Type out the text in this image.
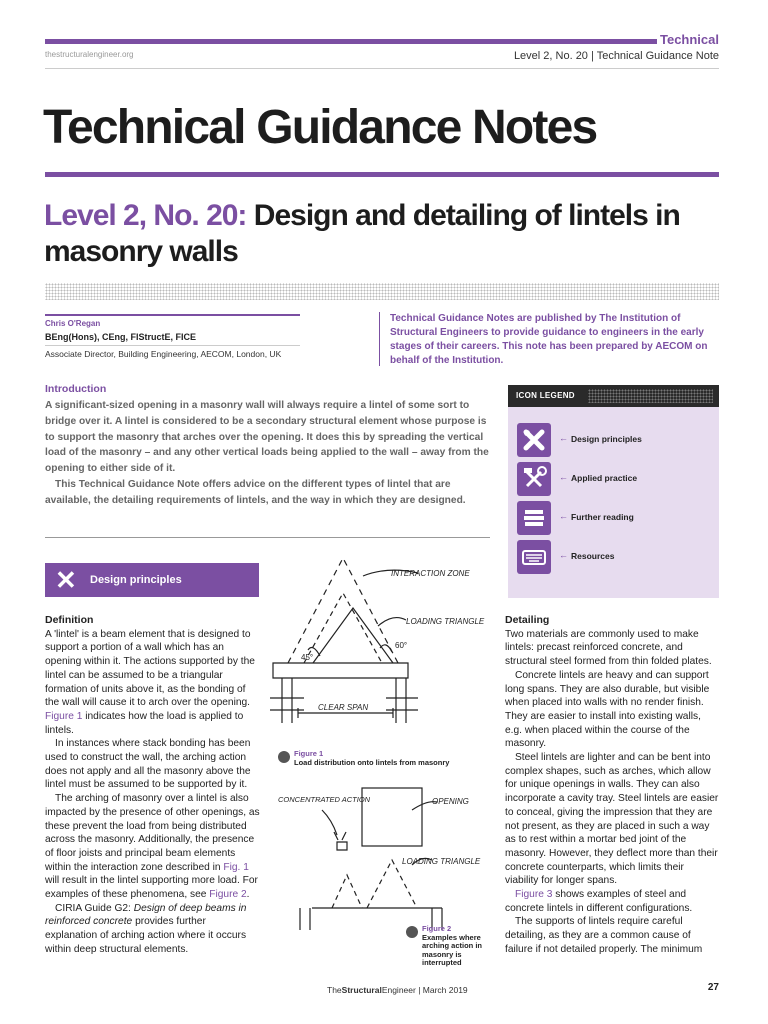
Technical
thestructuralengineer.org	Level 2, No. 20 | Technical Guidance Note
Technical Guidance Notes
Level 2, No. 20: Design and detailing of lintels in masonry walls
Chris O'Regan
BEng(Hons), CEng, FIStructE, FICE
Associate Director, Building Engineering, AECOM, London, UK
Technical Guidance Notes are published by The Institution of Structural Engineers to provide guidance to engineers in the early stages of their careers. This note has been prepared by AECOM on behalf of the Institution.
Introduction

A significant-sized opening in a masonry wall will always require a lintel of some sort to bridge over it. A lintel is considered to be a secondary structural element whose purpose is to support the masonry that arches over the opening. It does this by spreading the vertical load of the masonry – and any other vertical loads being applied to the wall – away from the opening to either side of it.

This Technical Guidance Note offers advice on the different types of lintel that are available, the detailing requirements of lintels, and the way in which they are designed.

ICON LEGEND
← Design principles
← Applied practice
← Further reading
← Resources
✕ Design principles
Definition

A 'lintel' is a beam element that is designed to support a portion of a wall which has an opening within it. The actions supported by the lintel can be assumed to be a triangular formation of units above it, as the bonding of the wall will cause it to arch over the opening. Figure 1 indicates how the load is applied to lintels.

In instances where stack bonding has been used to construct the wall, the arching action does not apply and all the masonry above the lintel must be assumed to be supported by it.

The arching of masonry over a lintel is also impacted by the presence of other openings, as these prevent the load from being distributed across the masonry. Additionally, the presence of floor joists and principal beam elements within the interaction zone described in Fig. 1 will result in the lintel supporting more load. For examples of these phenomena, see Figure 2.

CIRIA Guide G2: Design of deep beams in reinforced concrete provides further explanation of arching action where it occurs within deep structural elements.

INTERACTION ZONE
LOADING TRIANGLE
45°
60°
CLEAR SPAN
Figure 1
Load distribution onto lintels from masonry
CONCENTRATED ACTION	OPENING
LOADING TRIANGLE
Figure 2
Examples where arching action in masonry is interrupted
Detailing

Two materials are commonly used to make lintels: precast reinforced concrete, and structural steel formed from thin folded plates.

Concrete lintels are heavy and can support long spans. They are also durable, but visible when placed into walls with no render finish. They are easier to install into existing walls, e.g. when placed within the course of the masonry.

Steel lintels are lighter and can be bent into complex shapes, such as arches, which allow for unique openings in walls. They can also incorporate a cavity tray. Steel lintels are easier to conceal, giving the impression that they are not present, as they are placed in such a way as to rest within a mortar bed joint of the masonry. However, they deflect more than their concrete counterparts, which limits their viability for longer spans.

Figure 3 shows examples of steel and concrete lintels in different configurations.

The supports of lintels require careful detailing, as they are a common cause of failure if not detailed properly. The minimum

TheStructuralEngineer | March 2019	27
